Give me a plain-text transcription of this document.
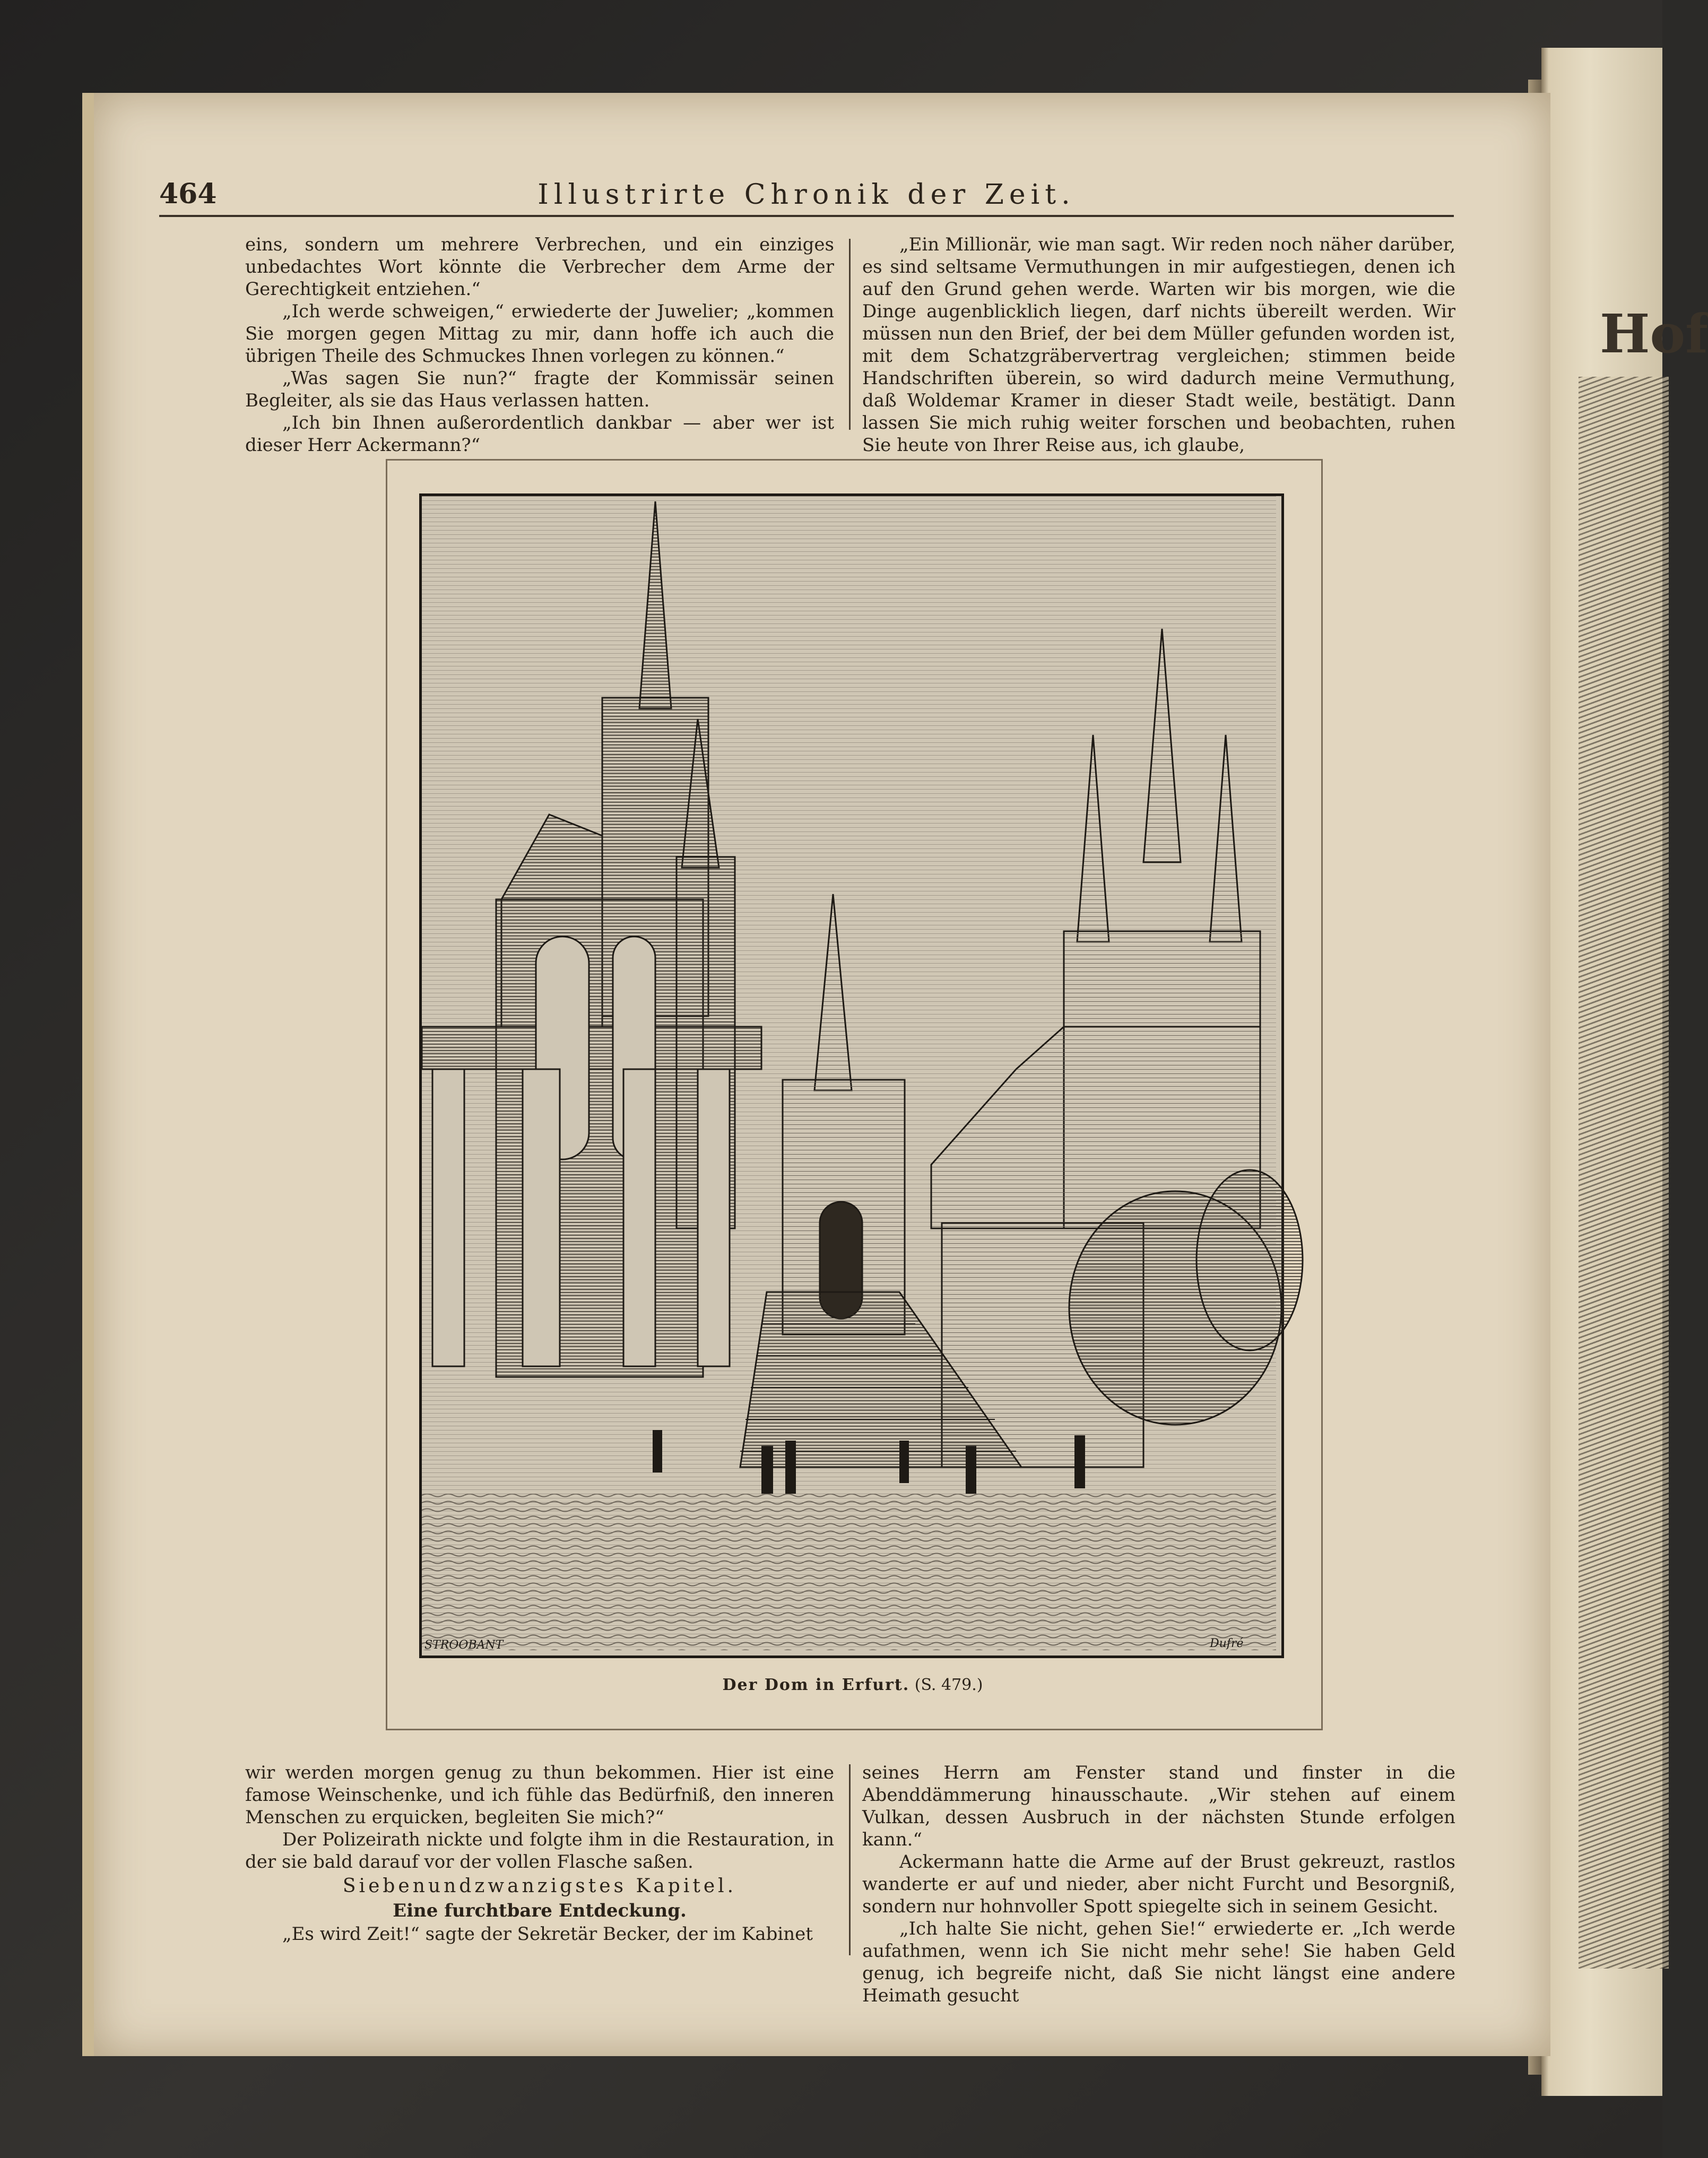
Hof
464	Illustrirte Chronik der Zeit.

eins, sondern um mehrere Verbrechen, und ein einziges unbedachtes Wort könnte die Verbrecher dem Arme der Gerechtigkeit entziehen.“

„Ich werde schweigen,“ erwiederte der Juwelier; „kommen Sie morgen gegen Mittag zu mir, dann hoffe ich auch die übrigen Theile des Schmuckes Ihnen vorlegen zu können.“

„Was sagen Sie nun?“ fragte der Kommissär seinen Begleiter, als sie das Haus verlassen hatten.

„Ich bin Ihnen außerordentlich dankbar — aber wer ist dieser Herr Ackermann?“

„Ein Millionär, wie man sagt. Wir reden noch näher darüber, es sind seltsame Vermuthungen in mir aufgestiegen, denen ich auf den Grund gehen werde. Warten wir bis morgen, wie die Dinge augenblicklich liegen, darf nichts übereilt werden. Wir müssen nun den Brief, der bei dem Müller gefunden worden ist, mit dem Schatzgräbervertrag vergleichen; stimmen beide Handschriften überein, so wird dadurch meine Vermuthung, daß Woldemar Kramer in dieser Stadt weile, bestätigt. Dann lassen Sie mich ruhig weiter forschen und beobachten, ruhen Sie heute von Ihrer Reise aus, ich glaube,

STROOBANT	Dufré
Der Dom in Erfurt. (S. 479.)

wir werden morgen genug zu thun bekommen. Hier ist eine famose Weinschenke, und ich fühle das Bedürfniß, den inneren Menschen zu erquicken, begleiten Sie mich?“

Der Polizeirath nickte und folgte ihm in die Restauration, in der sie bald darauf vor der vollen Flasche saßen.

Siebenundzwanzigstes Kapitel.

Eine furchtbare Entdeckung.

„Es wird Zeit!“ sagte der Sekretär Becker, der im Kabinet

seines Herrn am Fenster stand und finster in die Abenddämmerung hinausschaute. „Wir stehen auf einem Vulkan, dessen Ausbruch in der nächsten Stunde erfolgen kann.“

Ackermann hatte die Arme auf der Brust gekreuzt, rastlos wanderte er auf und nieder, aber nicht Furcht und Besorgniß, sondern nur hohnvoller Spott spiegelte sich in seinem Gesicht.

„Ich halte Sie nicht, gehen Sie!“ erwiederte er. „Ich werde aufathmen, wenn ich Sie nicht mehr sehe! Sie haben Geld genug, ich begreife nicht, daß Sie nicht längst eine andere Heimath gesucht
